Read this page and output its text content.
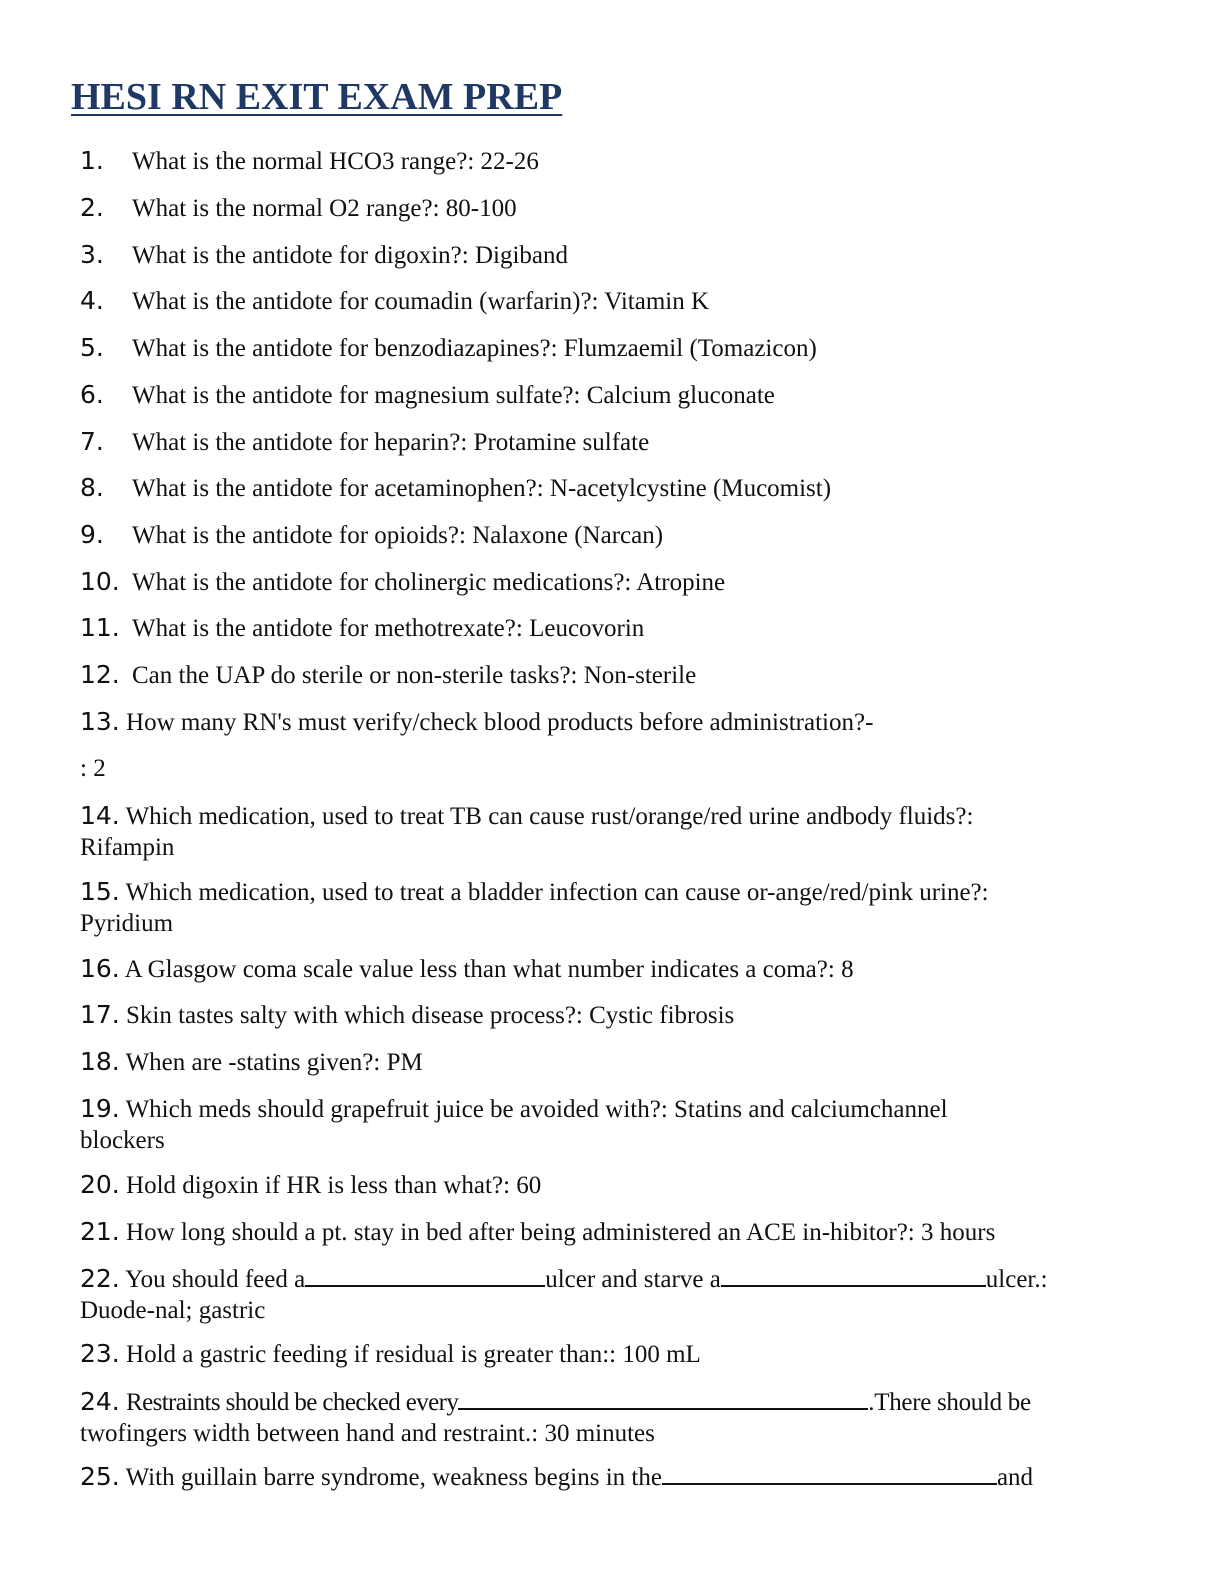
HESI RN EXIT EXAM PREP
1. What is the normal HCO3 range?: 22-26
2. What is the normal O2 range?: 80-100
3. What is the antidote for digoxin?: Digiband
4. What is the antidote for coumadin (warfarin)?: Vitamin K
5. What is the antidote for benzodiazapines?: Flumzaemil (Tomazicon)
6. What is the antidote for magnesium sulfate?: Calcium gluconate
7. What is the antidote for heparin?: Protamine sulfate
8. What is the antidote for acetaminophen?: N-acetylcystine (Mucomist)
9. What is the antidote for opioids?: Nalaxone (Narcan)
10. What is the antidote for cholinergic medications?: Atropine
11. What is the antidote for methotrexate?: Leucovorin
12. Can the UAP do sterile or non-sterile tasks?: Non-sterile
13. How many RN's must verify/check blood products before administration?-
: 2
14. Which medication, used to treat TB can cause rust/orange/red urine andbody fluids?:
Rifampin
15. Which medication, used to treat a bladder infection can cause or-ange/red/pink urine?:
Pyridium
16. A Glasgow coma scale value less than what number indicates a coma?: 8
17. Skin tastes salty with which disease process?: Cystic fibrosis
18. When are -statins given?: PM
19. Which meds should grapefruit juice be avoided with?: Statins and calciumchannel
blockers
20. Hold digoxin if HR is less than what?: 60
21. How long should a pt. stay in bed after being administered an ACE in-hibitor?: 3 hours
22. You should feed a	ulcer and starve a	ulcer.:
Duode-nal; gastric
23. Hold a gastric feeding if residual is greater than:: 100 mL
24. Restraints should be checked every	.There should be
twofingers width between hand and restraint.: 30 minutes
25. With guillain barre syndrome, weakness begins in the	and
